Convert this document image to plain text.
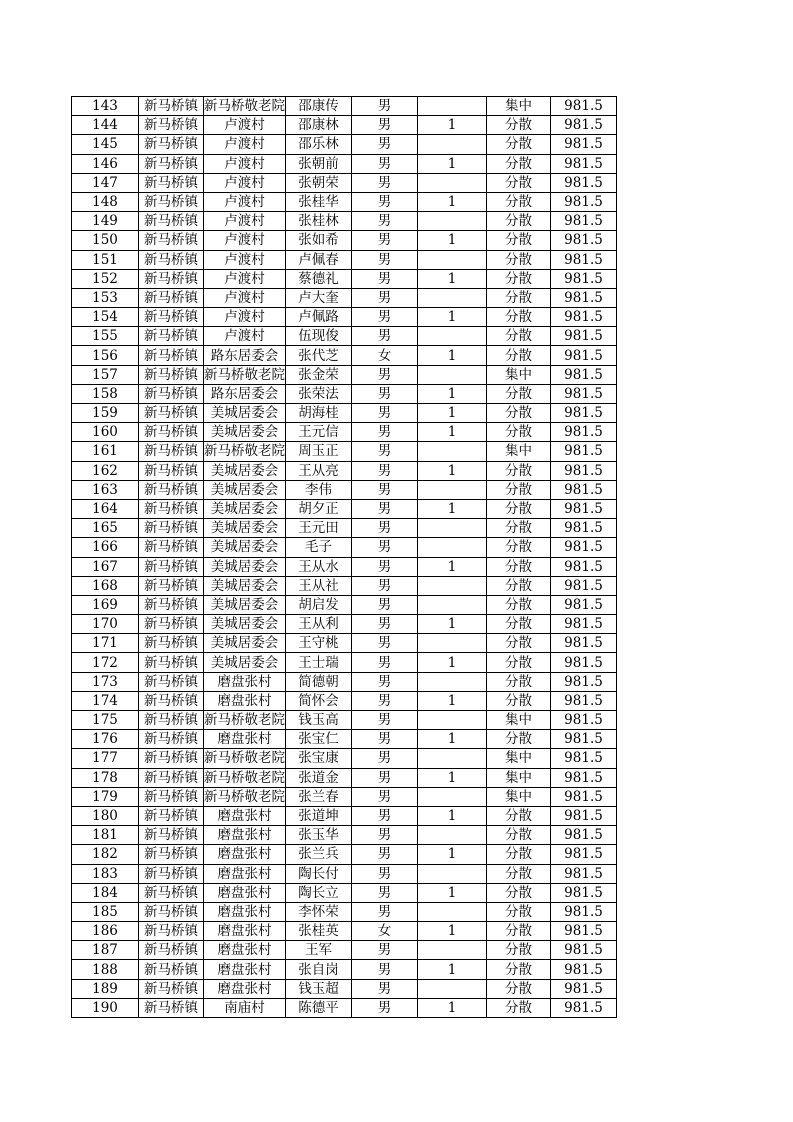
143	新马桥镇	新马桥敬老院	邵康传	男		集中	981.5
144	新马桥镇	卢渡村	邵康林	男	1	分散	981.5
145	新马桥镇	卢渡村	邵乐林	男		分散	981.5
146	新马桥镇	卢渡村	张朝前	男	1	分散	981.5
147	新马桥镇	卢渡村	张朝荣	男		分散	981.5
148	新马桥镇	卢渡村	张桂华	男	1	分散	981.5
149	新马桥镇	卢渡村	张桂林	男		分散	981.5
150	新马桥镇	卢渡村	张如希	男	1	分散	981.5
151	新马桥镇	卢渡村	卢佩春	男		分散	981.5
152	新马桥镇	卢渡村	蔡德礼	男	1	分散	981.5
153	新马桥镇	卢渡村	卢大奎	男		分散	981.5
154	新马桥镇	卢渡村	卢佩路	男	1	分散	981.5
155	新马桥镇	卢渡村	伍现俊	男		分散	981.5
156	新马桥镇	路东居委会	张代芝	女	1	分散	981.5
157	新马桥镇	新马桥敬老院	张金荣	男		集中	981.5
158	新马桥镇	路东居委会	张荣法	男	1	分散	981.5
159	新马桥镇	美城居委会	胡海桂	男	1	分散	981.5
160	新马桥镇	美城居委会	王元信	男	1	分散	981.5
161	新马桥镇	新马桥敬老院	周玉正	男		集中	981.5
162	新马桥镇	美城居委会	王从亮	男	1	分散	981.5
163	新马桥镇	美城居委会	李伟	男		分散	981.5
164	新马桥镇	美城居委会	胡夕正	男	1	分散	981.5
165	新马桥镇	美城居委会	王元田	男		分散	981.5
166	新马桥镇	美城居委会	毛子	男		分散	981.5
167	新马桥镇	美城居委会	王从水	男	1	分散	981.5
168	新马桥镇	美城居委会	王从社	男		分散	981.5
169	新马桥镇	美城居委会	胡启发	男		分散	981.5
170	新马桥镇	美城居委会	王从利	男	1	分散	981.5
171	新马桥镇	美城居委会	王守桃	男		分散	981.5
172	新马桥镇	美城居委会	王士瑞	男	1	分散	981.5
173	新马桥镇	磨盘张村	简德朝	男		分散	981.5
174	新马桥镇	磨盘张村	简怀会	男	1	分散	981.5
175	新马桥镇	新马桥敬老院	钱玉高	男		集中	981.5
176	新马桥镇	磨盘张村	张宝仁	男	1	分散	981.5
177	新马桥镇	新马桥敬老院	张宝康	男		集中	981.5
178	新马桥镇	新马桥敬老院	张道金	男	1	集中	981.5
179	新马桥镇	新马桥敬老院	张兰春	男		集中	981.5
180	新马桥镇	磨盘张村	张道坤	男	1	分散	981.5
181	新马桥镇	磨盘张村	张玉华	男		分散	981.5
182	新马桥镇	磨盘张村	张兰兵	男	1	分散	981.5
183	新马桥镇	磨盘张村	陶长付	男		分散	981.5
184	新马桥镇	磨盘张村	陶长立	男	1	分散	981.5
185	新马桥镇	磨盘张村	李怀荣	男		分散	981.5
186	新马桥镇	磨盘张村	张桂英	女	1	分散	981.5
187	新马桥镇	磨盘张村	王军	男		分散	981.5
188	新马桥镇	磨盘张村	张自岗	男	1	分散	981.5
189	新马桥镇	磨盘张村	钱玉超	男		分散	981.5
190	新马桥镇	南庙村	陈德平	男	1	分散	981.5
